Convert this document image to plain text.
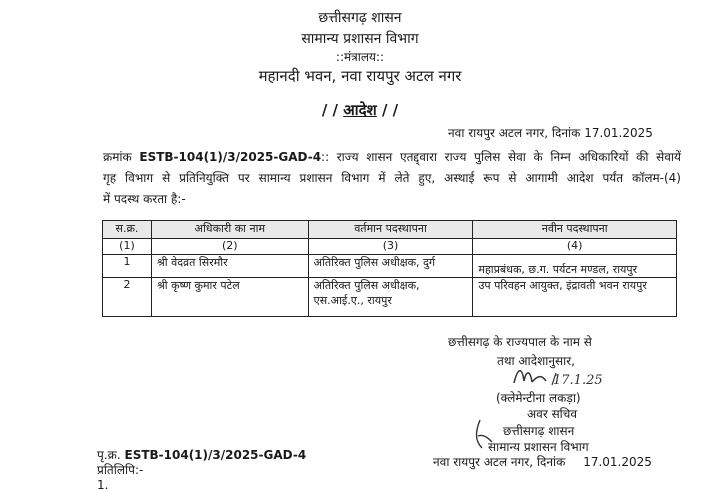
छत्तीसगढ़ शासन
सामान्य प्रशासन विभाग
::मंत्रालय::
महानदी भवन, नवा रायपुर अटल नगर
/ / आदेश / /
नवा रायपुर अटल नगर, दिनांक 17.01.2025
क्रमांक ESTB-104(1)/3/2025-GAD-4:: राज्य शासन एतद्द्वारा राज्य पुलिस सेवा के निम्न अधिकारियों की सेवायें
गृह विभाग से प्रतिनियुक्ति पर सामान्य प्रशासन विभाग में लेते हुए, अस्थाई रूप से आगामी आदेश पर्यंत कॉलम-(4)
में पदस्थ करता है:-
स.क्र.	अधिकारी का नाम	वर्तमान पदस्थापना	नवीन पदस्थापना
(1)	(2)	(3)	(4)
1	श्री वेदव्रत सिरमौर	अतिरिक्त पुलिस अधीक्षक, दुर्ग	महाप्रबंधक, छ.ग. पर्यटन मण्डल, रायपुर
2	श्री कृष्ण कुमार पटेल	अतिरिक्त पुलिस अधीक्षक, एस.आई.ए., रायपुर	उप परिवहन आयुक्त, इंद्रावती भवन रायपुर
छत्तीसगढ़ के राज्यपाल के नाम से
तथा आदेशानुसार,
17.1.25
(क्लेमेन्टीना लकड़ा)
अवर सचिव
छत्तीसगढ़ शासन
सामान्य प्रशासन विभाग
पृ.क्र. ESTB-104(1)/3/2025-GAD-4	नवा रायपुर अटल नगर, दिनांक 17.01.2025
प्रतिलिपि:-
1.
